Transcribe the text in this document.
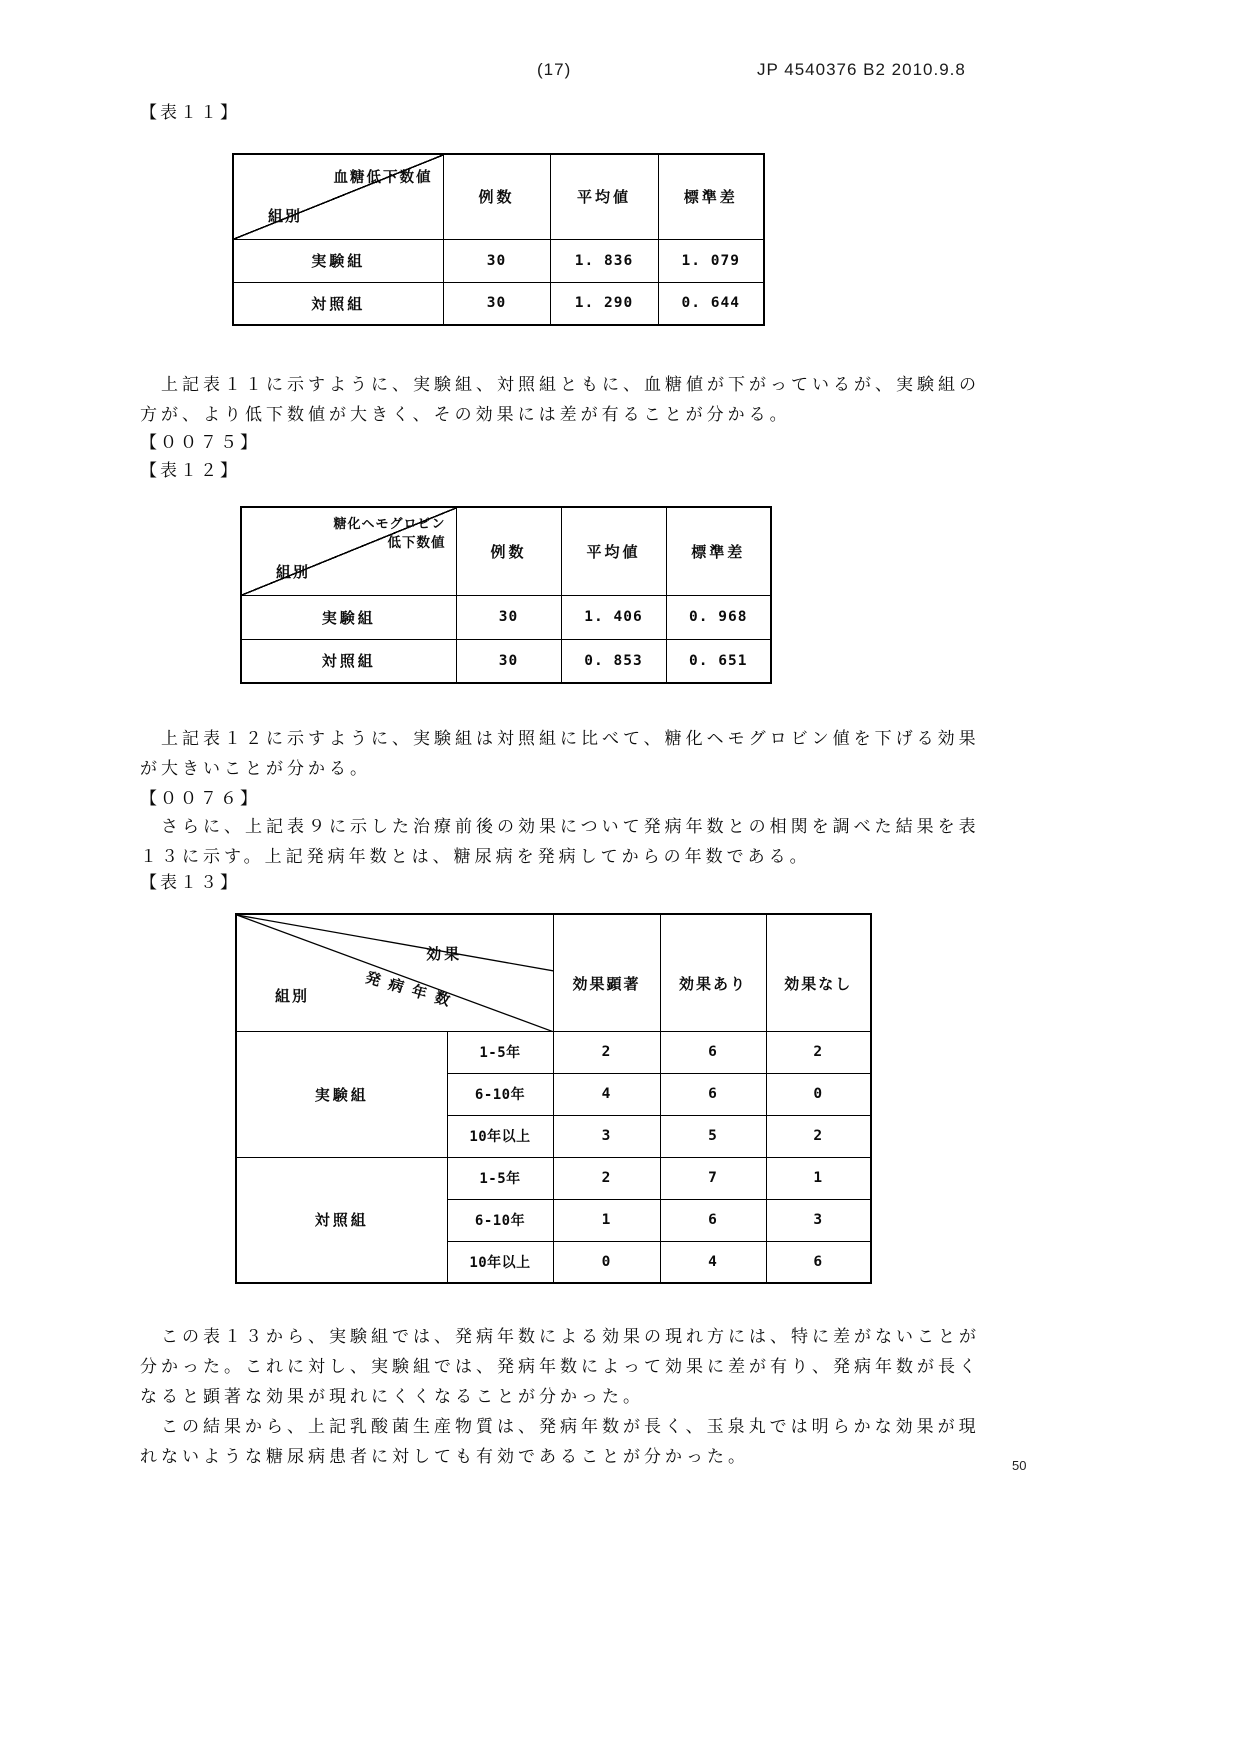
(17)	JP 4540376 B2 2010.9.8
【表１１】
血糖低下数値
組別	例数	平均値	標準差
実験組	30	1. 836	1. 079
対照組	30	1. 290	0. 644
　上記表１１に示すように、実験組、対照組ともに、血糖値が下がっているが、実験組の
方が、より低下数値が大きく、その効果には差が有ることが分かる。
【００７５】
【表１２】
糖化ヘモグロビン
低下数値
組別	例数	平均値	標準差
実験組	30	1. 406	0. 968
対照組	30	0. 853	0. 651
　上記表１２に示すように、実験組は対照組に比べて、糖化ヘモグロビン値を下げる効果
が大きいことが分かる。
【００７６】
　さらに、上記表９に示した治療前後の効果について発病年数との相関を調べた結果を表
１３に示す。上記発病年数とは、糖尿病を発病してからの年数である。
【表１３】
効果
発病年数
組別		効果顕著	効果あり	効果なし
実験組	1-5年	2	6	2
	6-10年	4	6	0
	10年以上	3	5	2
対照組	1-5年	2	7	1
	6-10年	1	6	3
	10年以上	0	4	6
　この表１３から、実験組では、発病年数による効果の現れ方には、特に差がないことが
分かった。これに対し、実験組では、発病年数によって効果に差が有り、発病年数が長く
なると顕著な効果が現れにくくなることが分かった。
　この結果から、上記乳酸菌生産物質は、発病年数が長く、玉泉丸では明らかな効果が現
れないような糖尿病患者に対しても有効であることが分かった。	50
